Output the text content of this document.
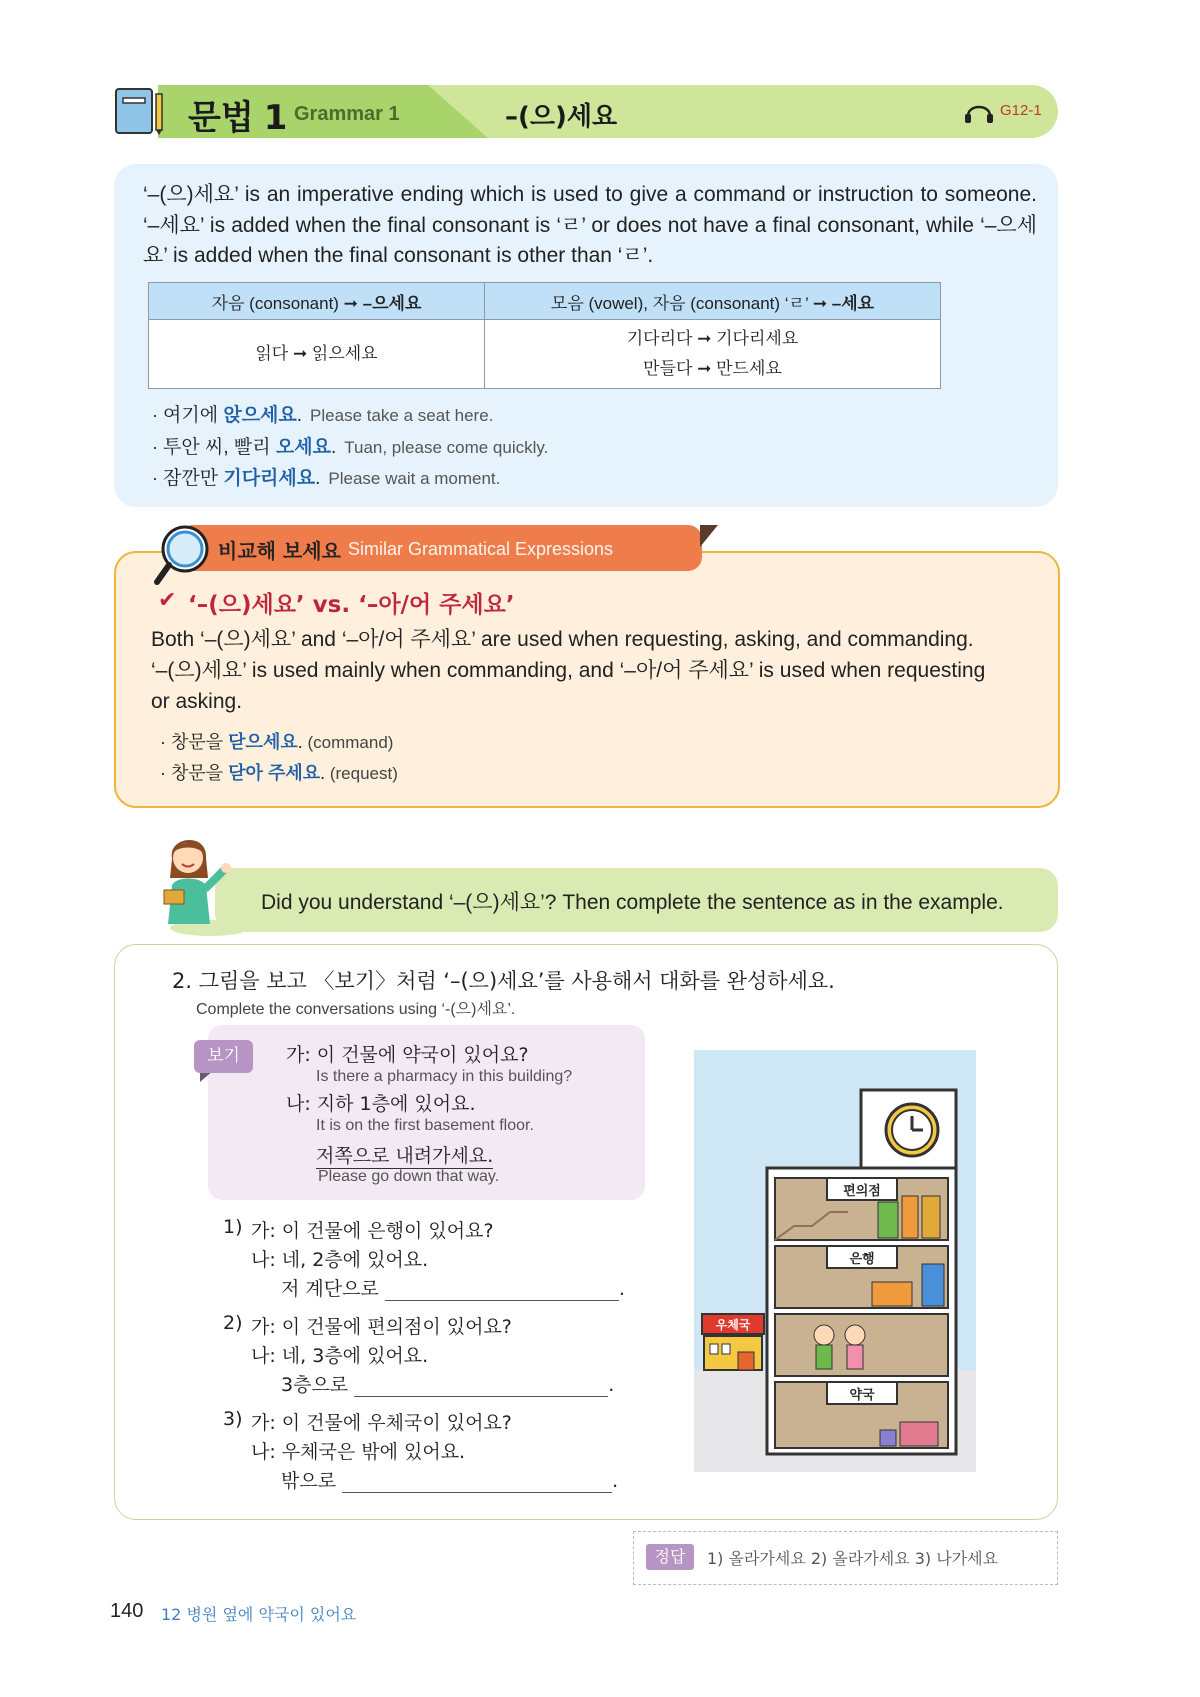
문법 1 Grammar 1	–(으)세요	G12-1
‘–(으)세요’ is an imperative ending which is used to give a command or instruction to someone. ‘–세요’ is added when the final consonant is ‘ㄹ’ or does not have a final consonant, while ‘–으세요’ is added when the final consonant is other than ‘ㄹ’.
자음 (consonant) ➞ –으세요	모음 (vowel), 자음 (consonant) ‘ㄹ’ ➞ –세요

읽다 ➞ 읽으세요	기다리다 ➞ 기다리세요
만들다 ➞ 만드세요
· 여기에 앉으세요. Please take a seat here.
· 투안 씨, 빨리 오세요. Tuan, please come quickly.
· 잠깐만 기다리세요. Please wait a moment.
비교해 보세요 Similar Grammatical Expressions
✔ ‘–(으)세요’ vs. ‘–아/어 주세요’
Both ‘–(으)세요’ and ‘–아/어 주세요’ are used when requesting, asking, and commanding.
‘–(으)세요’ is used mainly when commanding, and ‘–아/어 주세요’ is used when requesting
or asking.
· 창문을 닫으세요. (command)
· 창문을 닫아 주세요. (request)
Did you understand ‘–(으)세요’? Then complete the sentence as in the example.
2. 그림을 보고 〈보기〉처럼 ‘–(으)세요’를 사용해서 대화를 완성하세요.
Complete the conversations using ‘-(으)세요’.
보기	가: 이 건물에 약국이 있어요?
Is there a pharmacy in this building?
나: 지하 1층에 있어요.
It is on the first basement floor.
저쪽으로 내려가세요.
Please go down that way.
1) 가: 이 건물에 은행이 있어요?
나: 네, 2층에 있어요.
저 계단으로	.
2) 가: 이 건물에 편의점이 있어요?
나: 네, 3층에 있어요.
3층으로	.
3) 가: 이 건물에 우체국이 있어요?
나: 우체국은 밖에 있어요.
밖으로	.
편의점
은행
약국
우체국
정답	1) 올라가세요 2) 올라가세요 3) 나가세요
140 12 병원 옆에 약국이 있어요
